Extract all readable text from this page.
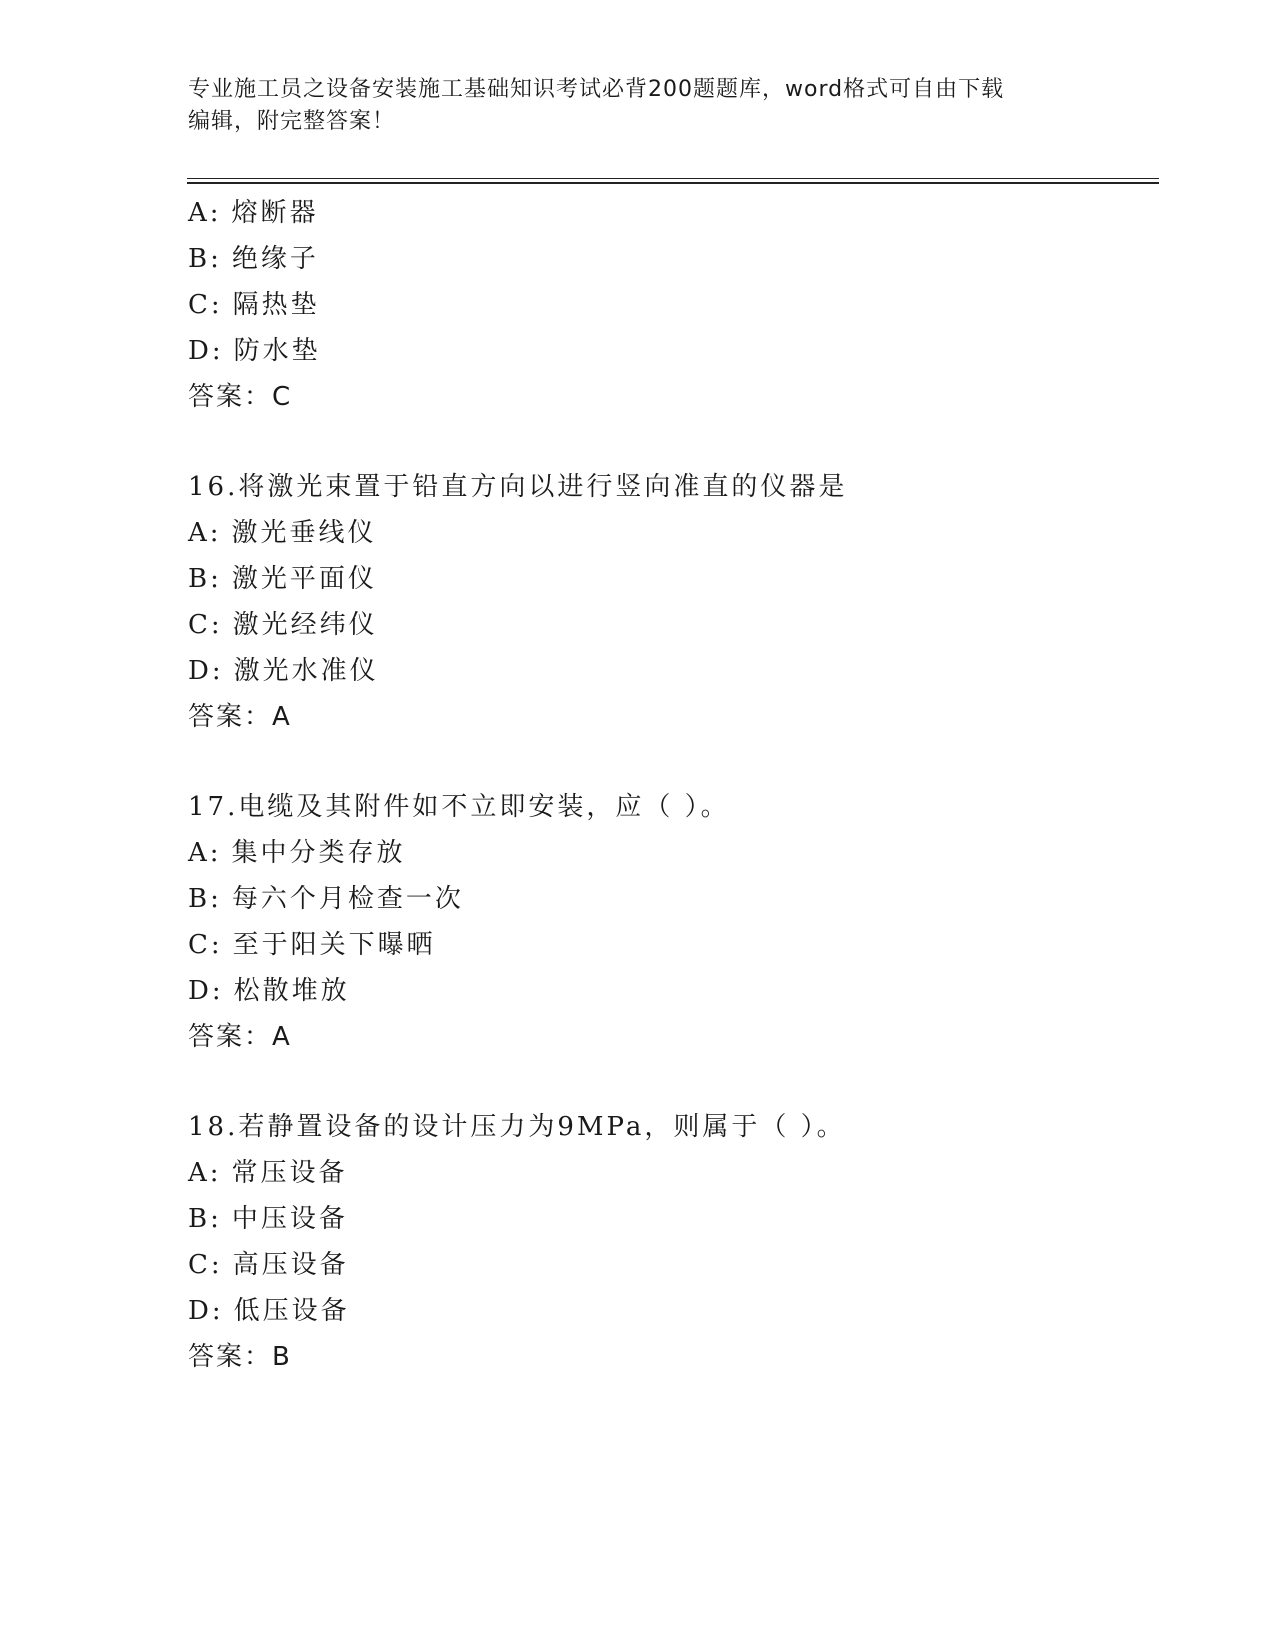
专业施工员之设备安装施工基础知识考试必背200题题库，word格式可自由下载
编辑，附完整答案！
A: 熔断器
B: 绝缘子
C: 隔热垫
D: 防水垫
答案：C
16.将激光束置于铅直方向以进行竖向准直的仪器是
A: 激光垂线仪
B: 激光平面仪
C: 激光经纬仪
D: 激光水准仪
答案：A
17.电缆及其附件如不立即安装，应（ ）。
A: 集中分类存放
B: 每六个月检查一次
C: 至于阳关下曝晒
D: 松散堆放
答案：A
18.若静置设备的设计压力为9MPa，则属于（ ）。
A: 常压设备
B: 中压设备
C: 高压设备
D: 低压设备
答案：B
